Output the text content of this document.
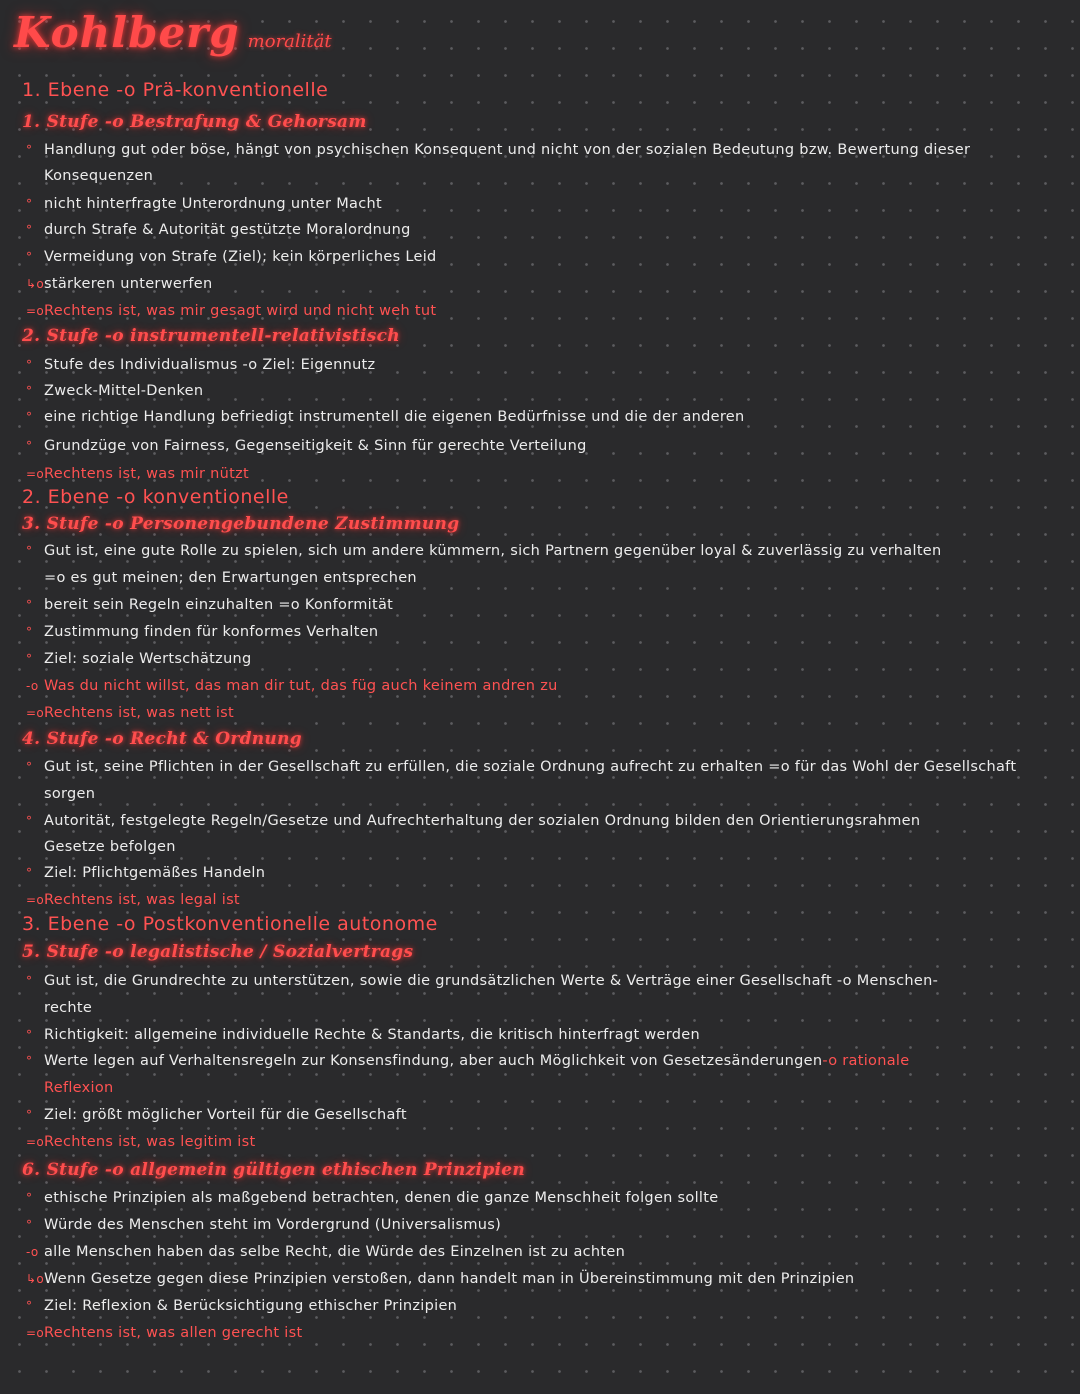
Kohlberg moralität
1. Ebene -o Prä-konventionelle
1. Stufe -o Bestrafung & Gehorsam
° Handlung gut oder böse, hängt von psychischen Konsequent und nicht von der sozialen Bedeutung bzw. Bewertung dieser
Konsequenzen
° nicht hinterfragte Unterordnung unter Macht
° durch Strafe & Autorität gestützte Moralordnung
° Vermeidung von Strafe (Ziel); kein körperliches Leid
↳ostärkeren unterwerfen
=oRechtens ist, was mir gesagt wird und nicht weh tut
2. Stufe -o instrumentell-relativistisch
° Stufe des Individualismus -o Ziel: Eigennutz
° Zweck-Mittel-Denken
° eine richtige Handlung befriedigt instrumentell die eigenen Bedürfnisse und die der anderen
° Grundzüge von Fairness, Gegenseitigkeit & Sinn für gerechte Verteilung
=oRechtens ist, was mir nützt
2. Ebene -o konventionelle
3. Stufe -o Personengebundene Zustimmung
° Gut ist, eine gute Rolle zu spielen, sich um andere kümmern, sich Partnern gegenüber loyal & zuverlässig zu verhalten
=o es gut meinen; den Erwartungen entsprechen
° bereit sein Regeln einzuhalten =o Konformität
° Zustimmung finden für konformes Verhalten
° Ziel: soziale Wertschätzung
-o Was du nicht willst, das man dir tut, das füg auch keinem andren zu
=oRechtens ist, was nett ist
4. Stufe -o Recht & Ordnung
° Gut ist, seine Pflichten in der Gesellschaft zu erfüllen, die soziale Ordnung aufrecht zu erhalten =o für das Wohl der Gesellschaft
sorgen
° Autorität, festgelegte Regeln/Gesetze und Aufrechterhaltung der sozialen Ordnung bilden den Orientierungsrahmen
Gesetze befolgen
° Ziel: Pflichtgemäßes Handeln
=oRechtens ist, was legal ist
3. Ebene -o Postkonventionelle autonome
5. Stufe -o legalistische / Sozialvertrags
° Gut ist, die Grundrechte zu unterstützen, sowie die grundsätzlichen Werte & Verträge einer Gesellschaft -o Menschen-
rechte
° Richtigkeit: allgemeine individuelle Rechte & Standarts, die kritisch hinterfragt werden
° Werte legen auf Verhaltensregeln zur Konsensfindung, aber auch Möglichkeit von Gesetzesänderungen-o rationale
Reflexion
° Ziel: größt möglicher Vorteil für die Gesellschaft
=oRechtens ist, was legitim ist
6. Stufe -o allgemein gültigen ethischen Prinzipien
° ethische Prinzipien als maßgebend betrachten, denen die ganze Menschheit folgen sollte
° Würde des Menschen steht im Vordergrund (Universalismus)
-o alle Menschen haben das selbe Recht, die Würde des Einzelnen ist zu achten
↳oWenn Gesetze gegen diese Prinzipien verstoßen, dann handelt man in Übereinstimmung mit den Prinzipien
° Ziel: Reflexion & Berücksichtigung ethischer Prinzipien
=oRechtens ist, was allen gerecht ist
